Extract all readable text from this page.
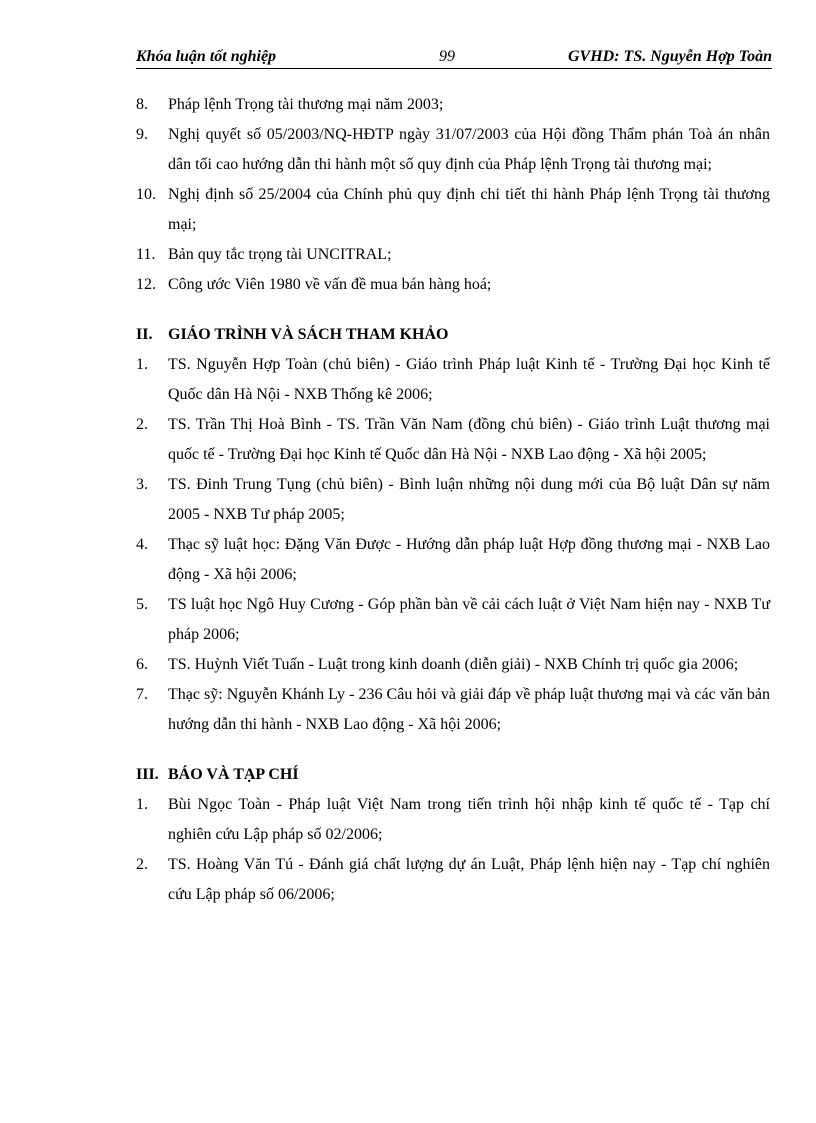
Khóa luận tốt nghiệp	99	GVHD: TS. Nguyễn Hợp Toàn
8. Pháp lệnh Trọng tài thương mại năm 2003;
9. Nghị quyết số 05/2003/NQ-HĐTP ngày 31/07/2003 của Hội đồng Thẩm phán Toà án nhân dân tối cao hướng dẫn thi hành một số quy định của Pháp lệnh Trọng tài thương mại;
10. Nghị định số 25/2004 của Chính phủ quy định chi tiết thi hành Pháp lệnh Trọng tài thương mại;
11. Bản quy tắc trọng tài UNCITRAL;
12. Công ước Viên 1980 về vấn đề mua bán hàng hoá;
II. GIÁO TRÌNH VÀ SÁCH THAM KHẢO
1. TS. Nguyễn Hợp Toàn (chủ biên) - Giáo trình Pháp luật Kinh tế - Trường Đại học Kinh tế Quốc dân Hà Nội - NXB Thống kê 2006;
2. TS. Trần Thị Hoà Bình - TS. Trần Văn Nam (đồng chủ biên) - Giáo trình Luật thương mại quốc tế - Trường Đại học Kinh tế Quốc dân Hà Nội - NXB Lao động - Xã hội 2005;
3. TS. Đinh Trung Tụng (chủ biên) - Bình luận những nội dung mới của Bộ luật Dân sự năm 2005 - NXB Tư pháp 2005;
4. Thạc sỹ luật học: Đặng Văn Được - Hướng dẫn pháp luật Hợp đồng thương mại - NXB Lao động - Xã hội 2006;
5. TS luật học Ngô Huy Cương - Góp phần bàn về cải cách luật ở Việt Nam hiện nay - NXB Tư pháp 2006;
6. TS. Huỳnh Viết Tuấn - Luật trong kinh doanh (diễn giải) - NXB Chính trị quốc gia 2006;
7. Thạc sỹ: Nguyễn Khánh Ly - 236 Câu hỏi và giải đáp về pháp luật thương mại và các văn bản hướng dẫn thi hành - NXB Lao động - Xã hội 2006;
III. BÁO VÀ TẠP CHÍ
1. Bùi Ngọc Toàn - Pháp luật Việt Nam trong tiến trình hội nhập kinh tế quốc tế - Tạp chí nghiên cứu Lập pháp số 02/2006;
2. TS. Hoàng Văn Tú - Đánh giá chất lượng dự án Luật, Pháp lệnh hiện nay - Tạp chí nghiên cứu Lập pháp số 06/2006;
